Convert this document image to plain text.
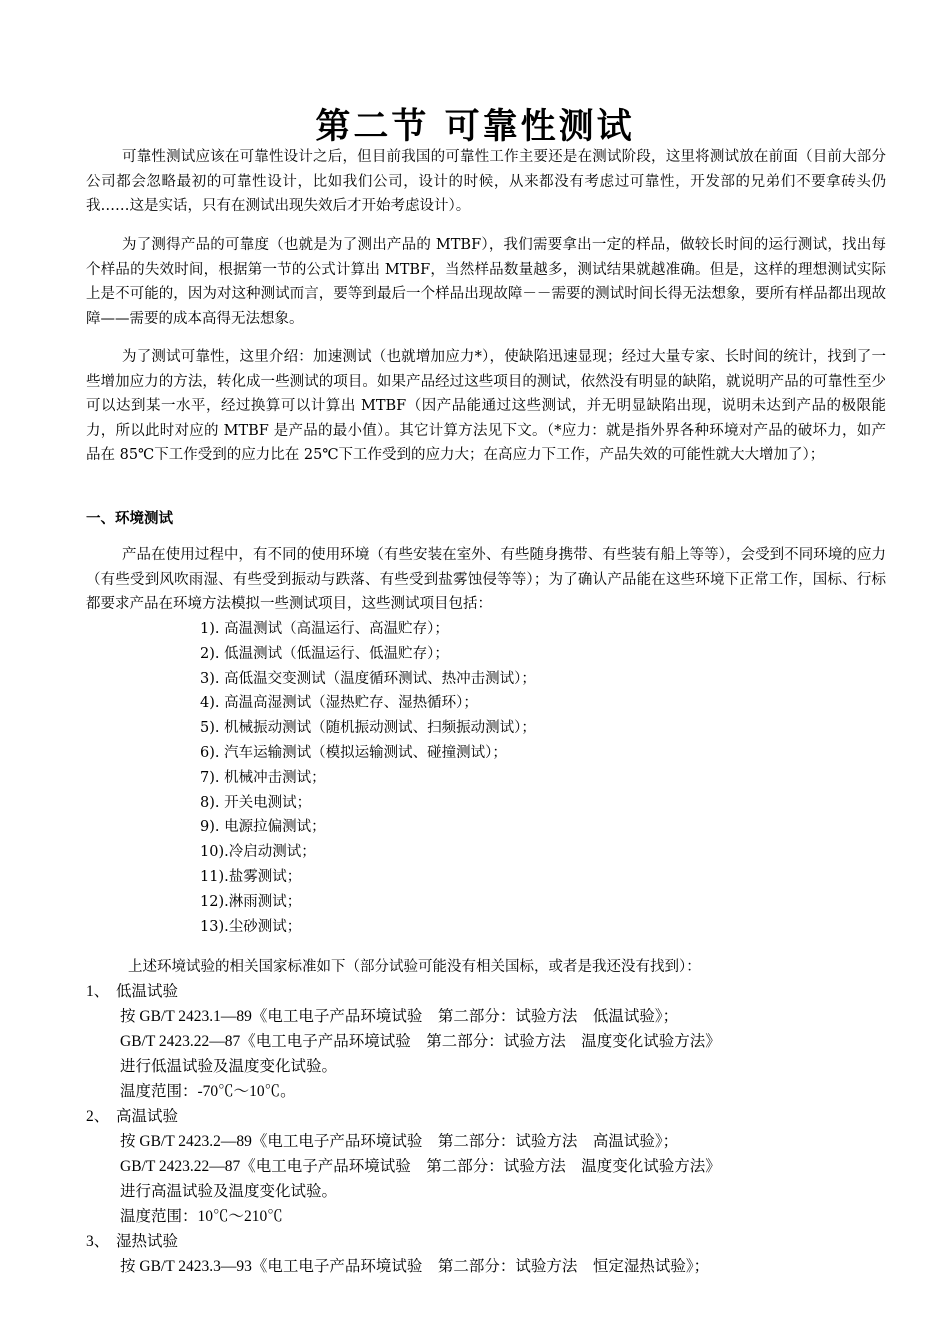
第二节 可靠性测试

可靠性测试应该在可靠性设计之后，但目前我国的可靠性工作主要还是在测试阶段，这里将测试放在前面（目前大部分公司都会忽略最初的可靠性设计，比如我们公司，设计的时候，从来都没有考虑过可靠性，开发部的兄弟们不要拿砖头仍我……这是实话，只有在测试出现失效后才开始考虑设计）。

为了测得产品的可靠度（也就是为了测出产品的 MTBF），我们需要拿出一定的样品，做较长时间的运行测试，找出每个样品的失效时间，根据第一节的公式计算出 MTBF，当然样品数量越多，测试结果就越准确。但是，这样的理想测试实际上是不可能的，因为对这种测试而言，要等到最后一个样品出现故障－－需要的测试时间长得无法想象，要所有样品都出现故障——需要的成本高得无法想象。

为了测试可靠性，这里介绍：加速测试（也就增加应力*），使缺陷迅速显现；经过大量专家、长时间的统计，找到了一些增加应力的方法，转化成一些测试的项目。如果产品经过这些项目的测试，依然没有明显的缺陷，就说明产品的可靠性至少可以达到某一水平，经过换算可以计算出 MTBF（因产品能通过这些测试，并无明显缺陷出现，说明未达到产品的极限能力，所以此时对应的 MTBF 是产品的最小值）。其它计算方法见下文。（*应力：就是指外界各种环境对产品的破坏力，如产品在 85℃下工作受到的应力比在 25℃下工作受到的应力大；在高应力下工作，产品失效的可能性就大大增加了）；

一、环境测试

产品在使用过程中，有不同的使用环境（有些安装在室外、有些随身携带、有些装有船上等等），会受到不同环境的应力（有些受到风吹雨湿、有些受到振动与跌落、有些受到盐雾蚀侵等等）；为了确认产品能在这些环境下正常工作，国标、行标都要求产品在环境方法模拟一些测试项目，这些测试项目包括：

1). 高温测试（高温运行、高温贮存）；
2). 低温测试（低温运行、低温贮存）；
3). 高低温交变测试（温度循环测试、热冲击测试）；
4). 高温高湿测试（湿热贮存、湿热循环）；
5). 机械振动测试（随机振动测试、扫频振动测试）；
6). 汽车运输测试（模拟运输测试、碰撞测试）；
7). 机械冲击测试；
8). 开关电测试；
9). 电源拉偏测试；
10).冷启动测试；
11).盐雾测试；
12).淋雨测试；
13).尘砂测试；
上述环境试验的相关国家标准如下（部分试验可能没有相关国标，或者是我还没有找到）：
1、 低温试验
按 GB/T 2423.1—89《电工电子产品环境试验　第二部分：试验方法　低温试验》；
GB/T 2423.22—87《电工电子产品环境试验　第二部分：试验方法　温度变化试验方法》
进行低温试验及温度变化试验。
温度范围：-70℃～10℃。
2、 高温试验
按 GB/T 2423.2—89《电工电子产品环境试验　第二部分：试验方法　高温试验》；
GB/T 2423.22—87《电工电子产品环境试验　第二部分：试验方法　温度变化试验方法》
进行高温试验及温度变化试验。
温度范围：10℃～210℃
3、 湿热试验
按 GB/T 2423.3—93《电工电子产品环境试验　第二部分：试验方法　恒定湿热试验》；
